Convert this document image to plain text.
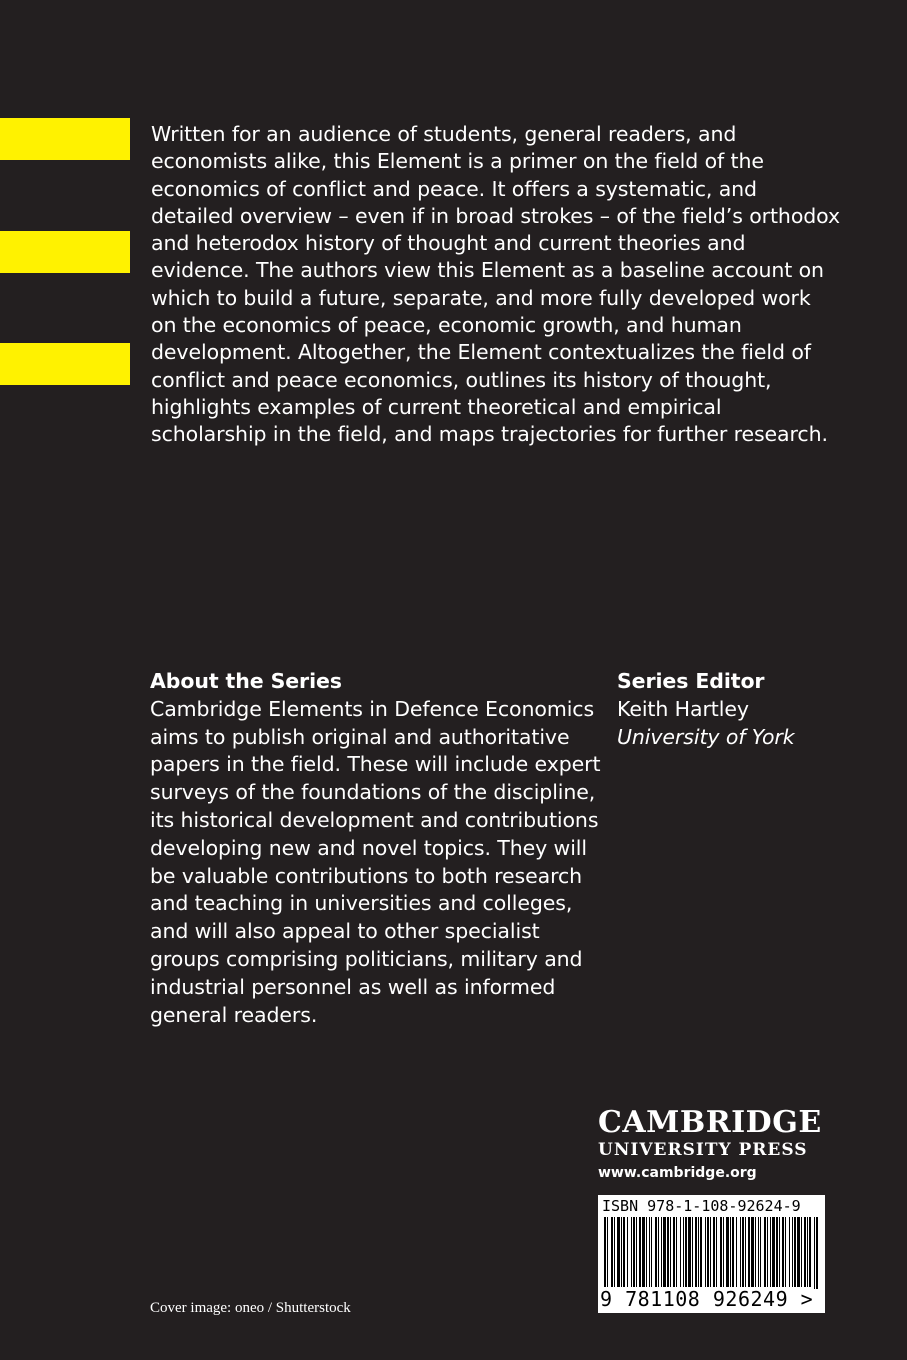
Written for an audience of students, general readers, and economists alike, this Element is a primer on the field of the economics of conflict and peace. It offers a systematic, and detailed overview – even if in broad strokes – of the field’s orthodox and heterodox history of thought and current theories and evidence. The authors view this Element as a baseline account on which to build a future, separate, and more fully developed work on the economics of peace, economic growth, and human development. Altogether, the Element contextualizes the field of conflict and peace economics, outlines its history of thought, highlights examples of current theoretical and empirical scholarship in the field, and maps trajectories for further research.

About the Series
Cambridge Elements in Defence Economics aims to publish original and authoritative papers in the field. These will include expert surveys of the foundations of the discipline, its historical development and contributions developing new and novel topics. They will be valuable contributions to both research and teaching in universities and colleges, and will also appeal to other specialist groups comprising politicians, military and industrial personnel as well as informed general readers.
Series Editor
Keith Hartley
University of York
CAMBRIDGE
UNIVERSITY PRESS
www.cambridge.org
ISBN 978-1-108-92624-9
9 781108 926249 >
Cover image: oneo / Shutterstock
